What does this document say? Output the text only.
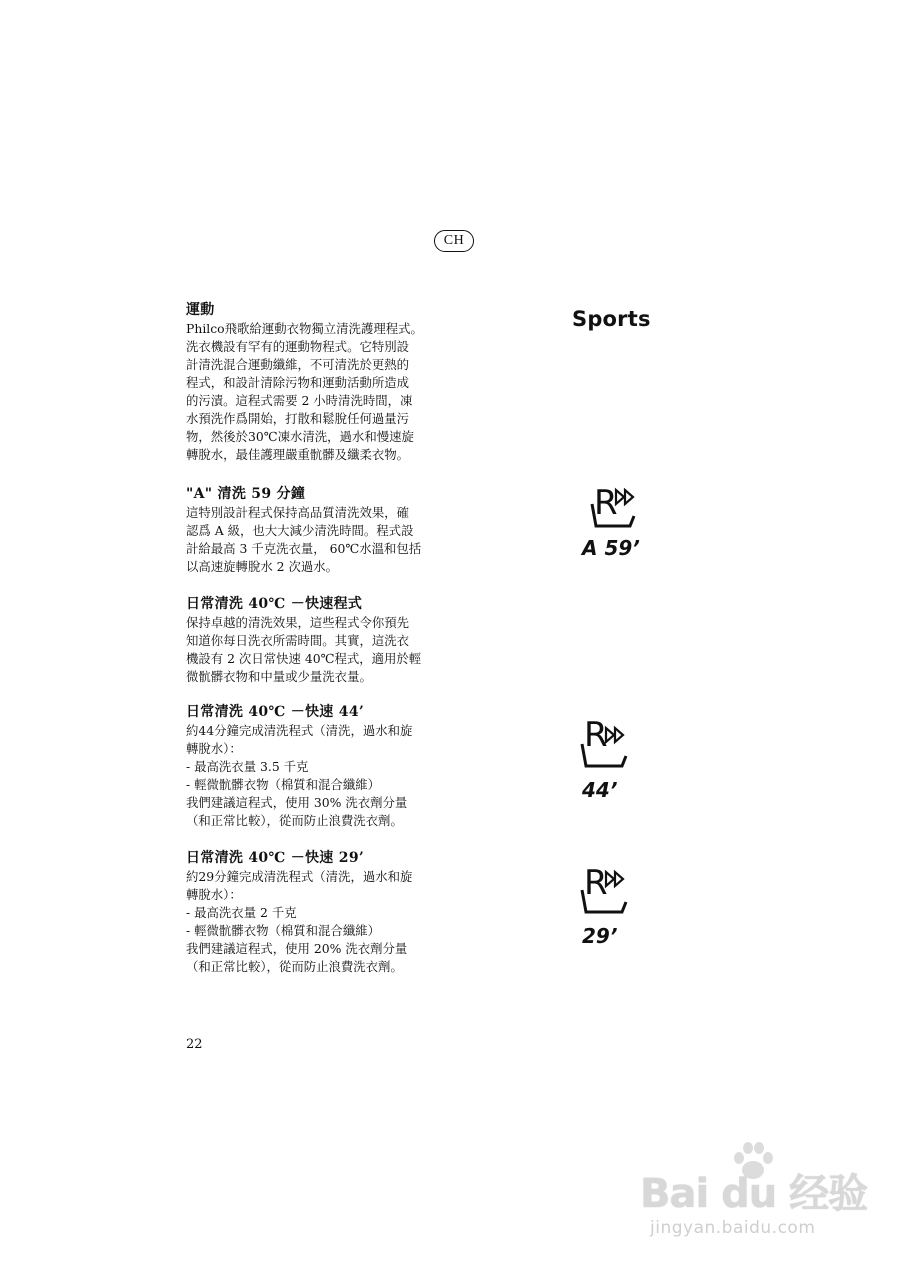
CH
運動

Philco飛歌給運動衣物獨立清洗護理程式。
洗衣機設有罕有的運動物程式。它特別設
計清洗混合運動纖維，不可清洗於更熱的
程式，和設計清除污物和運動活動所造成
的污漬。這程式需要 2 小時清洗時間，凍
水預洗作爲開始，打散和鬆脫任何過量污
物，然後於30℃凍水清洗，過水和慢速旋
轉脫水，最佳護理嚴重骯髒及纖柔衣物。

"A" 清洗 59 分鐘

這特別設計程式保持高品質清洗效果，確
認爲 A 級，也大大減少清洗時間。程式設
計給最高 3 千克洗衣量， 60℃水溫和包括
以高速旋轉脫水 2 次過水。

日常清洗 40℃ －快速程式

保持卓越的清洗效果，這些程式令你預先
知道你每日洗衣所需時間。其實，這洗衣
機設有 2 次日常快速 40℃程式，適用於輕
微骯髒衣物和中量或少量洗衣量。

日常清洗 40℃ －快速 44’

約44分鐘完成清洗程式（清洗，過水和旋
轉脫水）：
- 最高洗衣量 3.5 千克
- 輕微骯髒衣物（棉質和混合纖維）
我們建議這程式，使用 30% 洗衣劑分量
（和正常比較），從而防止浪費洗衣劑。

日常清洗 40℃ －快速 29’

約29分鐘完成清洗程式（清洗，過水和旋
轉脫水）：
- 最高洗衣量 2 千克
- 輕微骯髒衣物（棉質和混合纖維）
我們建議這程式，使用 20% 洗衣劑分量
（和正常比較），從而防止浪費洗衣劑。

Sports
R
A 59’
R
44’
R
29’
22
Bai du 经验
jingyan.baidu.com
